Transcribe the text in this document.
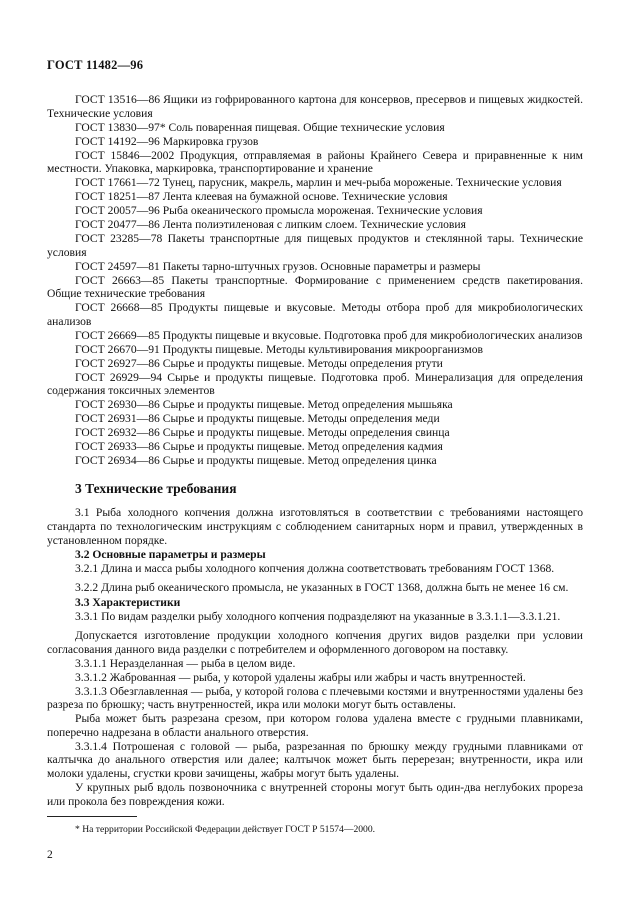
ГОСТ 11482—96

ГОСТ 13516—86 Ящики из гофрированного картона для консервов, пресервов и пищевых жидкостей. Технические условия

ГОСТ 13830—97* Соль поваренная пищевая. Общие технические условия

ГОСТ 14192—96 Маркировка грузов

ГОСТ 15846—2002 Продукция, отправляемая в районы Крайнего Севера и приравненные к ним местности. Упаковка, маркировка, транспортирование и хранение

ГОСТ 17661—72 Тунец, парусник, макрель, марлин и меч-рыба мороженые. Технические условия

ГОСТ 18251—87 Лента клеевая на бумажной основе. Технические условия

ГОСТ 20057—96 Рыба океанического промысла мороженая. Технические условия

ГОСТ 20477—86 Лента полиэтиленовая с липким слоем. Технические условия

ГОСТ 23285—78 Пакеты транспортные для пищевых продуктов и стеклянной тары. Технические условия

ГОСТ 24597—81 Пакеты тарно-штучных грузов. Основные параметры и размеры

ГОСТ 26663—85 Пакеты транспортные. Формирование с применением средств пакетирования. Общие технические требования

ГОСТ 26668—85 Продукты пищевые и вкусовые. Методы отбора проб для микробиологических анализов

ГОСТ 26669—85 Продукты пищевые и вкусовые. Подготовка проб для микробиологических анализов

ГОСТ 26670—91 Продукты пищевые. Методы культивирования микроорганизмов

ГОСТ 26927—86 Сырье и продукты пищевые. Методы определения ртути

ГОСТ 26929—94 Сырье и продукты пищевые. Подготовка проб. Минерализация для определения содержания токсичных элементов

ГОСТ 26930—86 Сырье и продукты пищевые. Метод определения мышьяка

ГОСТ 26931—86 Сырье и продукты пищевые. Методы определения меди

ГОСТ 26932—86 Сырье и продукты пищевые. Методы определения свинца

ГОСТ 26933—86 Сырье и продукты пищевые. Метод определения кадмия

ГОСТ 26934—86 Сырье и продукты пищевые. Метод определения цинка

3 Технические требования

3.1 Рыба холодного копчения должна изготовляться в соответствии с требованиями настоящего стандарта по технологическим инструкциям с соблюдением санитарных норм и правил, утвержденных в установленном порядке.

3.2 Основные параметры и размеры

3.2.1 Длина и масса рыбы холодного копчения должна соответствовать требованиям ГОСТ 1368.

3.2.2 Длина рыб океанического промысла, не указанных в ГОСТ 1368, должна быть не менее 16 см.

3.3 Характеристики

3.3.1 По видам разделки рыбу холодного копчения подразделяют на указанные в 3.3.1.1—3.3.1.21.

Допускается изготовление продукции холодного копчения других видов разделки при условии согласования данного вида разделки с потребителем и оформленного договором на поставку.

3.3.1.1 Неразделанная — рыба в целом виде.

3.3.1.2 Жаброванная — рыба, у которой удалены жабры или жабры и часть внутренностей.

3.3.1.3 Обезглавленная — рыба, у которой голова с плечевыми костями и внутренностями удалены без разреза по брюшку; часть внутренностей, икра или молоки могут быть оставлены.

Рыба может быть разрезана срезом, при котором голова удалена вместе с грудными плавниками, поперечно надрезана в области анального отверстия.

3.3.1.4 Потрошеная с головой — рыба, разрезанная по брюшку между грудными плавниками от калтычка до анального отверстия или далее; калтычок может быть перерезан; внутренности, икра или молоки удалены, сгустки крови зачищены, жабры могут быть удалены.

У крупных рыб вдоль позвоночника с внутренней стороны могут быть один-два неглубоких прореза или прокола без повреждения кожи.

* На территории Российской Федерации действует ГОСТ Р 51574—2000.
2
